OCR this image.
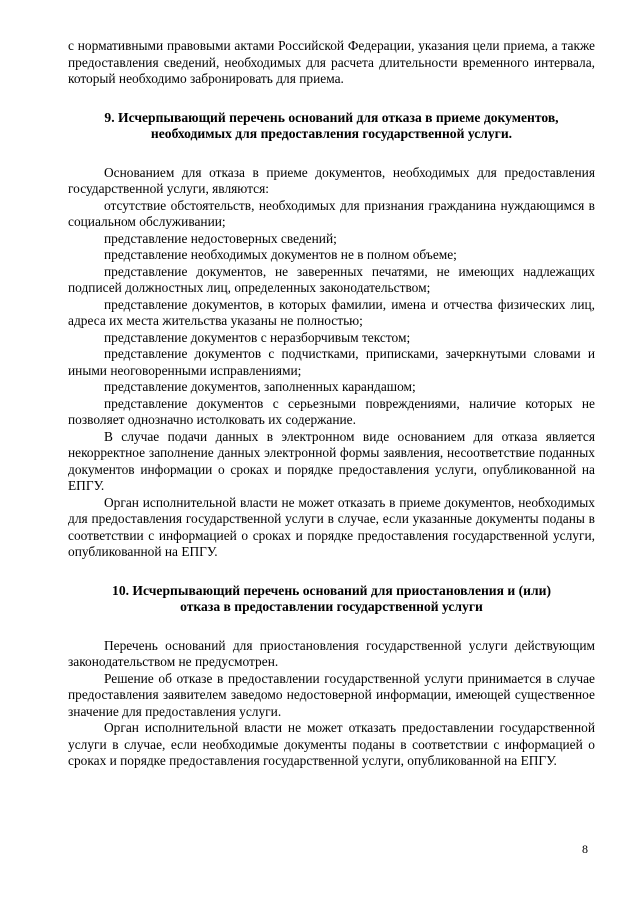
с нормативными правовыми актами Российской Федерации, указания цели приема, а также предоставления сведений, необходимых для расчета длительности временного интервала, который необходимо забронировать для приема.

9. Исчерпывающий перечень оснований для отказа в приеме документов,
необходимых для предоставления государственной услуги.

Основанием для отказа в приеме документов, необходимых для предоставления государственной услуги, являются:

отсутствие обстоятельств, необходимых для признания гражданина нуждающимся в социальном обслуживании;

представление недостоверных сведений;

представление необходимых документов не в полном объеме;

представление документов, не заверенных печатями, не имеющих надлежащих подписей должностных лиц, определенных законодательством;

представление документов, в которых фамилии, имена и отчества физических лиц, адреса их места жительства указаны не полностью;

представление документов с неразборчивым текстом;

представление документов с подчистками, приписками, зачеркнутыми словами и иными неоговоренными исправлениями;

представление документов, заполненных карандашом;

представление документов с серьезными повреждениями, наличие которых не позволяет однозначно истолковать их содержание.

В случае подачи данных в электронном виде основанием для отказа является некорректное заполнение данных электронной формы заявления, несоответствие поданных документов информации о сроках и порядке предоставления услуги, опубликованной на ЕПГУ.

Орган исполнительной власти не может отказать в приеме документов, необходимых для предоставления государственной услуги в случае, если указанные документы поданы в соответствии с информацией о сроках и порядке предоставления государственной услуги, опубликованной на ЕПГУ.

10. Исчерпывающий перечень оснований для приостановления и (или)
отказа в предоставлении государственной услуги

Перечень оснований для приостановления государственной услуги действующим законодательством не предусмотрен.

Решение об отказе в предоставлении государственной услуги принимается в случае предоставления заявителем заведомо недостоверной информации, имеющей существенное значение для предоставления услуги.

Орган исполнительной власти не может отказать предоставлении государственной услуги в случае, если необходимые документы поданы в соответствии с информацией о сроках и порядке предоставления государственной услуги, опубликованной на ЕПГУ.

8
